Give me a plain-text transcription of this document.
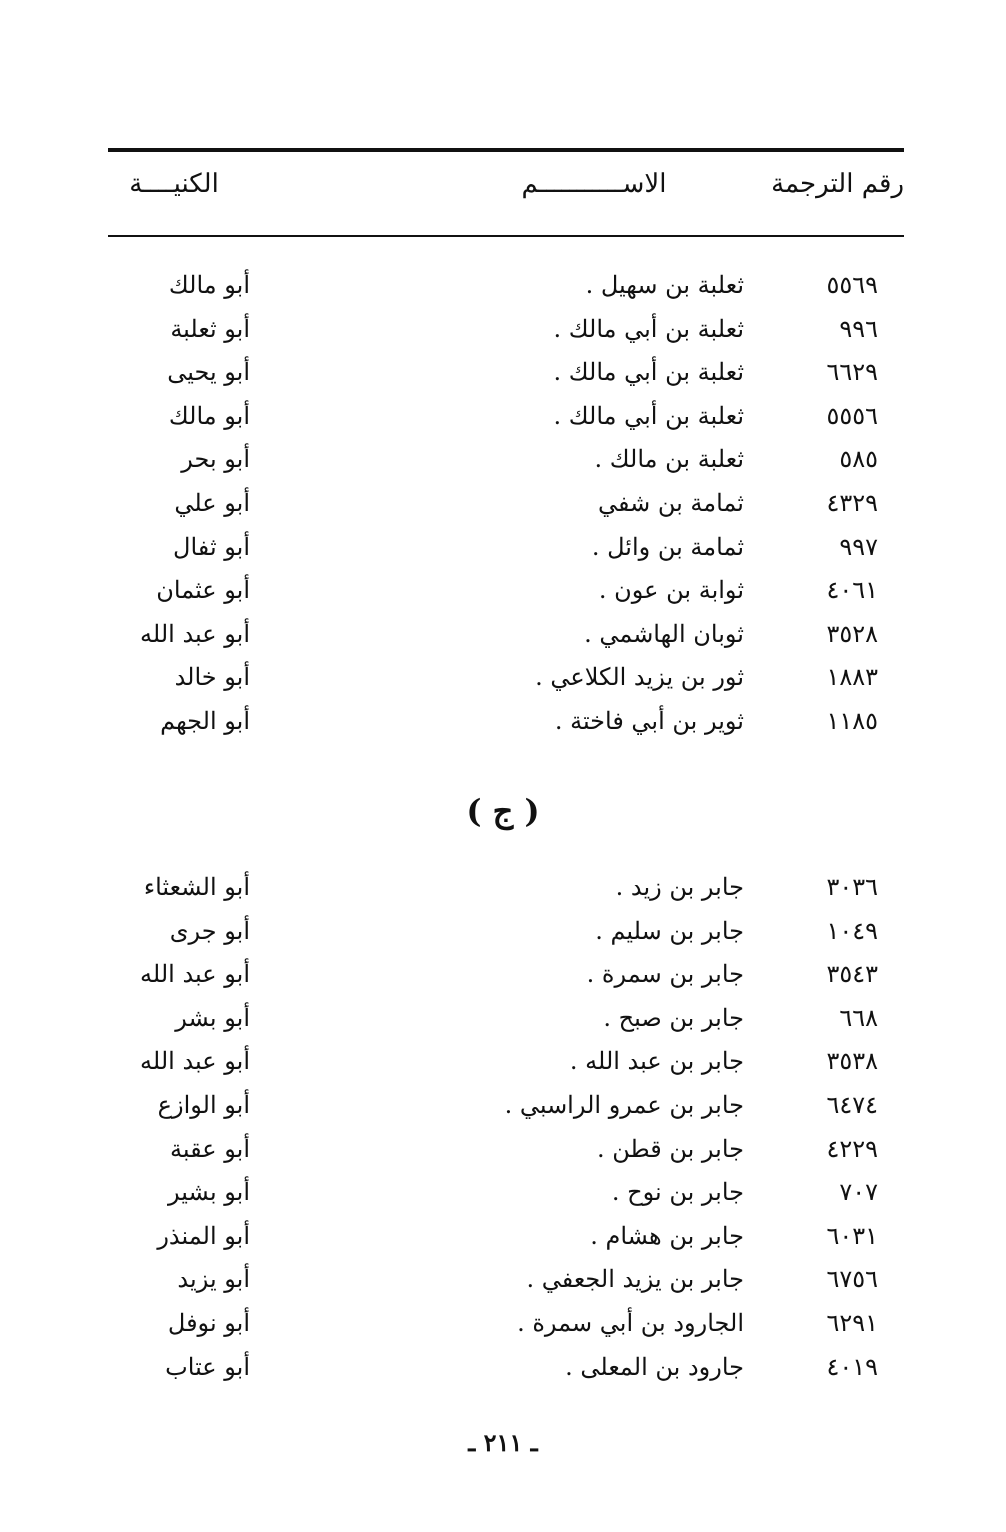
رقم الترجمة
الاســـــــــــم
الكنيــــة
٥٥٦٩
ثعلبة بن سهيل .
أبو مالك
٩٩٦
ثعلبة بن أبي مالك .
أبو ثعلبة
٦٦٢٩
ثعلبة بن أبي مالك .
أبو يحيى
٥٥٥٦
ثعلبة بن أبي مالك .
أبو مالك
٥٨٥
ثعلبة بن مالك .
أبو بحر
٤٣٢٩
ثمامة بن شفي
أبو علي
٩٩٧
ثمامة بن وائل .
أبو ثفال
٤٠٦١
ثوابة بن عون .
أبو عثمان
٣٥٢٨
ثوبان الهاشمي .
أبو عبد الله
١٨٨٣
ثور بن يزيد الكلاعي .
أبو خالد
١١٨٥
ثوير بن أبي فاختة .
أبو الجهم
( ج )
٣٠٣٦
جابر بن زيد .
أبو الشعثاء
١٠٤٩
جابر بن سليم .
أبو جرى
٣٥٤٣
جابر بن سمرة .
أبو عبد الله
٦٦٨
جابر بن صبح .
أبو بشر
٣٥٣٨
جابر بن عبد الله .
أبو عبد الله
٦٤٧٤
جابر بن عمرو الراسبي .
أبو الوازع
٤٢٢٩
جابر بن قطن .
أبو عقبة
٧٠٧
جابر بن نوح .
أبو بشير
٦٠٣١
جابر بن هشام .
أبو المنذر
٦٧٥٦
جابر بن يزيد الجعفي .
أبو يزيد
٦٢٩١
الجارود بن أبي سمرة .
أبو نوفل
٤٠١٩
جارود بن المعلى .
أبو عتاب
ـ ٢١١ ـ
